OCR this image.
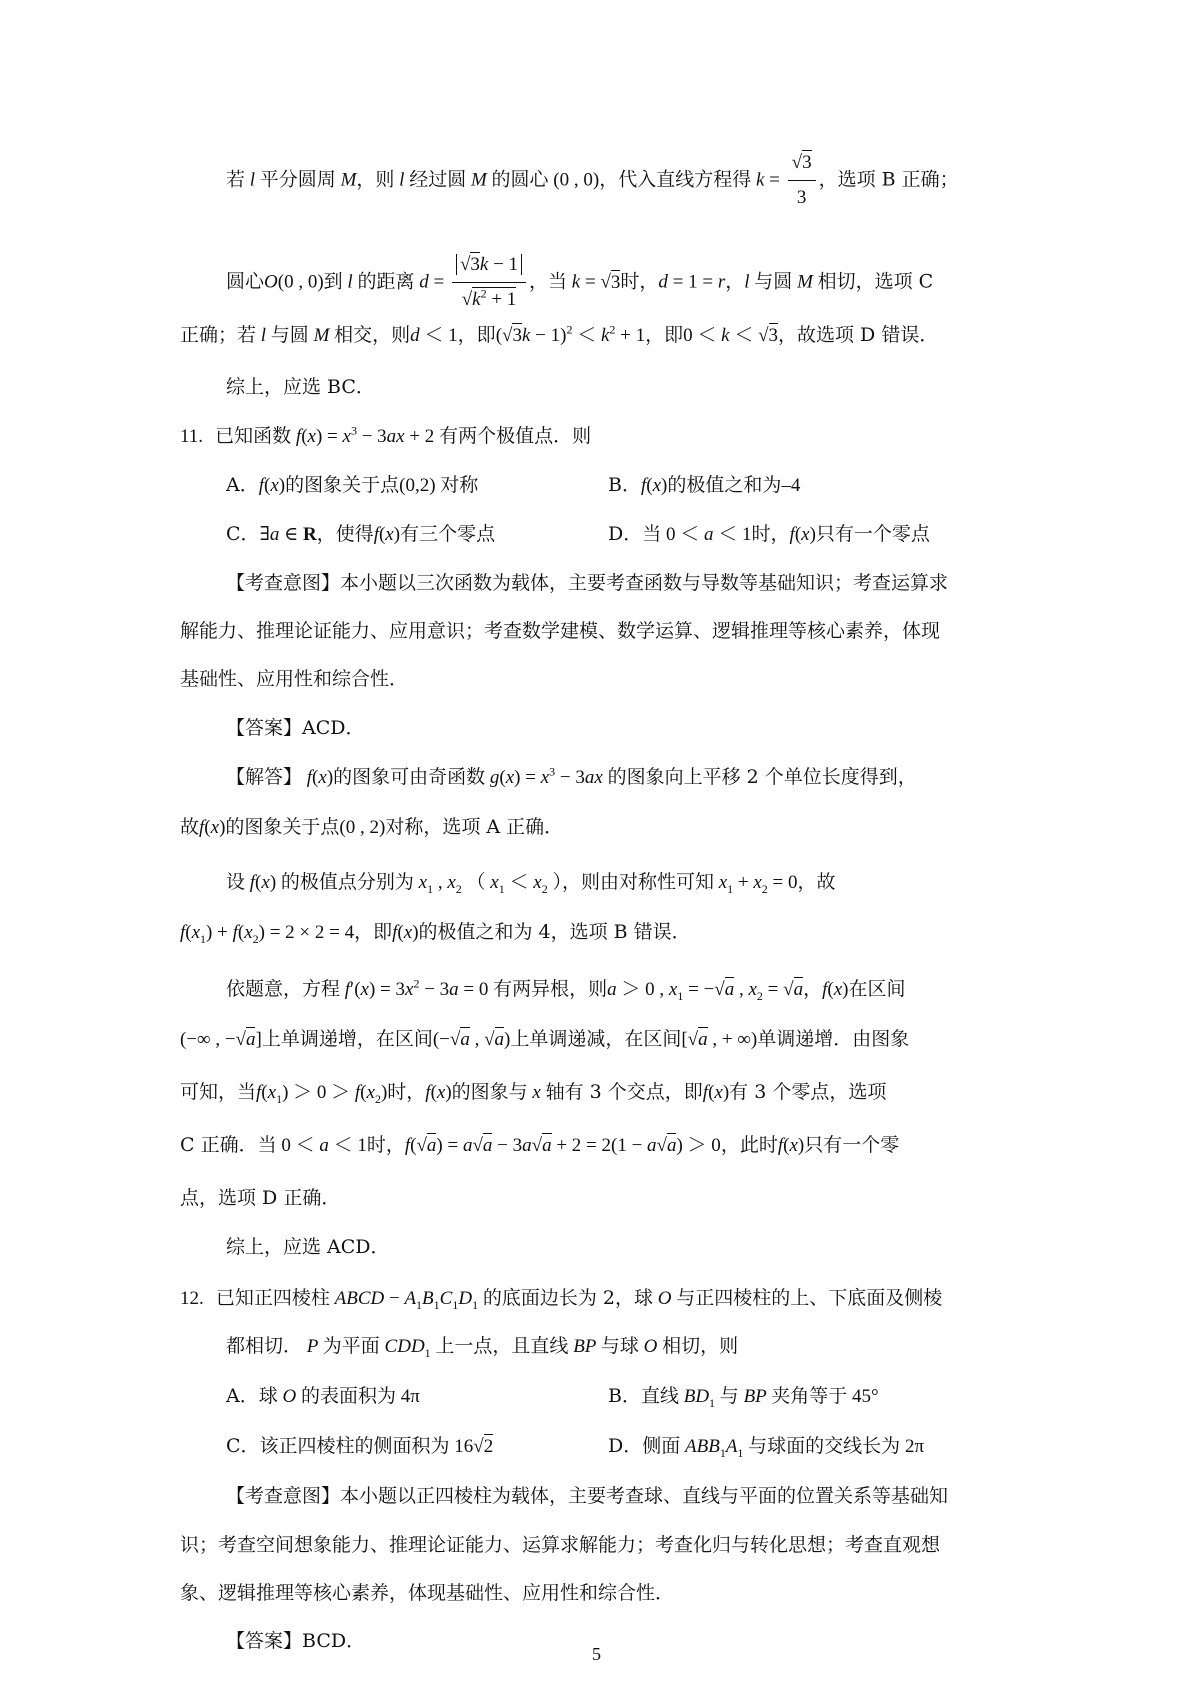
若 l 平分圆周 M，则 l 经过圆 M 的圆心 (0 , 0)，代入直线方程得 $k = \frac{√3}{3}$ ，选项 B 正确；
圆心O(0 , 0)到 l 的距离 $d = \frac{√3k - 1}{√k^2 + 1}$ ，当 k = √3时，d = 1 = r，l 与圆 M 相切，选项 C
正确；若 l 与圆 M 相交，则d ＜ 1，即$(√3k - 1)^2 < k^2 + 1$，即0 ＜ k ＜ √3，故选项 D 错误．
综上，应选 BC．
11. 已知函数 $f(x) = x^3 - 3ax + 2$ 有两个极值点．则
A．f(x)的图象关于点(0,2) 对称	B．f(x)的极值之和为–4
C．∃a ∈ R，使得f(x)有三个零点	D．当 0 ＜ a ＜ 1时，f(x)只有一个零点
【考查意图】本小题以三次函数为载体，主要考查函数与导数等基础知识；考查运算求
解能力、推理论证能力、应用意识；考查数学建模、数学运算、逻辑推理等核心素养，体现
基础性、应用性和综合性．
【答案】ACD．
【解答】 f(x)的图象可由奇函数 $g(x) = x^3 - 3ax$ 的图象向上平移 2 个单位长度得到，
故f(x)的图象关于点(0 , 2)对称，选项 A 正确．
设 f(x) 的极值点分别为 $x_1$ , $x_2$ （ $x_1 < x_2$ ），则由对称性可知 $x_1 + x_2 = 0$，故
$f(x_1) + f(x_2) = 2 \times 2 = 4$，即f(x)的极值之和为 4，选项 B 错误．
依题意，方程 $f'(x) = 3x^2 - 3a = 0$ 有两异根，则a ＞ 0 , $x_1 = -√a$ , $x_2 = √a$，f(x)在区间
(−∞ , −√a]上单调递增，在区间(−√a , √a)上单调递减，在区间[√a , + ∞)单调递增．由图象
可知，当$f(x_1) > 0 > f(x_2)$时，f(x)的图象与 x 轴有 3 个交点，即f(x)有 3 个零点，选项
C 正确．当 0 ＜ a ＜ 1时，f(√a) = a√a − 3a√a + 2 = 2(1 − a√a) ＞ 0，此时f(x)只有一个零
点，选项 D 正确．
综上，应选 ACD．
12. 已知正四棱柱 ABCD − $A_1B_1C_1D_1$ 的底面边长为 2，球 O 与正四棱柱的上、下底面及侧棱
都相切． P 为平面 $CDD_1$ 上一点，且直线 BP 与球 O 相切，则
A．球 O 的表面积为 4π	B．直线 $BD_1$ 与 BP 夹角等于 45°
C．该正四棱柱的侧面积为 16√2	D．侧面 $ABB_1A_1$ 与球面的交线长为 2π
【考查意图】本小题以正四棱柱为载体，主要考查球、直线与平面的位置关系等基础知
识；考查空间想象能力、推理论证能力、运算求解能力；考查化归与转化思想；考查直观想
象、逻辑推理等核心素养，体现基础性、应用性和综合性．
【答案】BCD．
5
